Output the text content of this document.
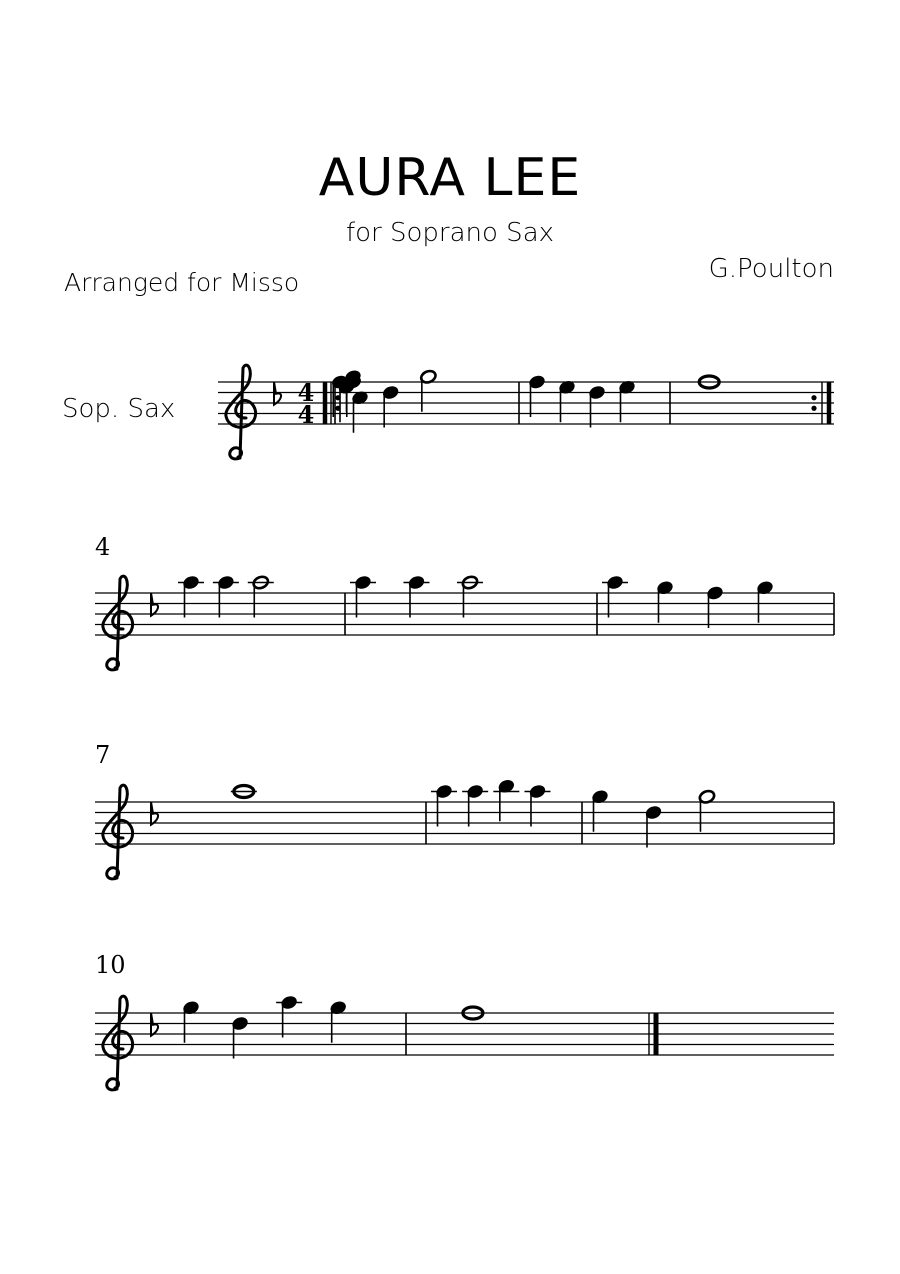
AURA LEE
for Soprano Sax
Arranged for Misso	G.Poulton
Sop. Sax
4
7
10
4
4
